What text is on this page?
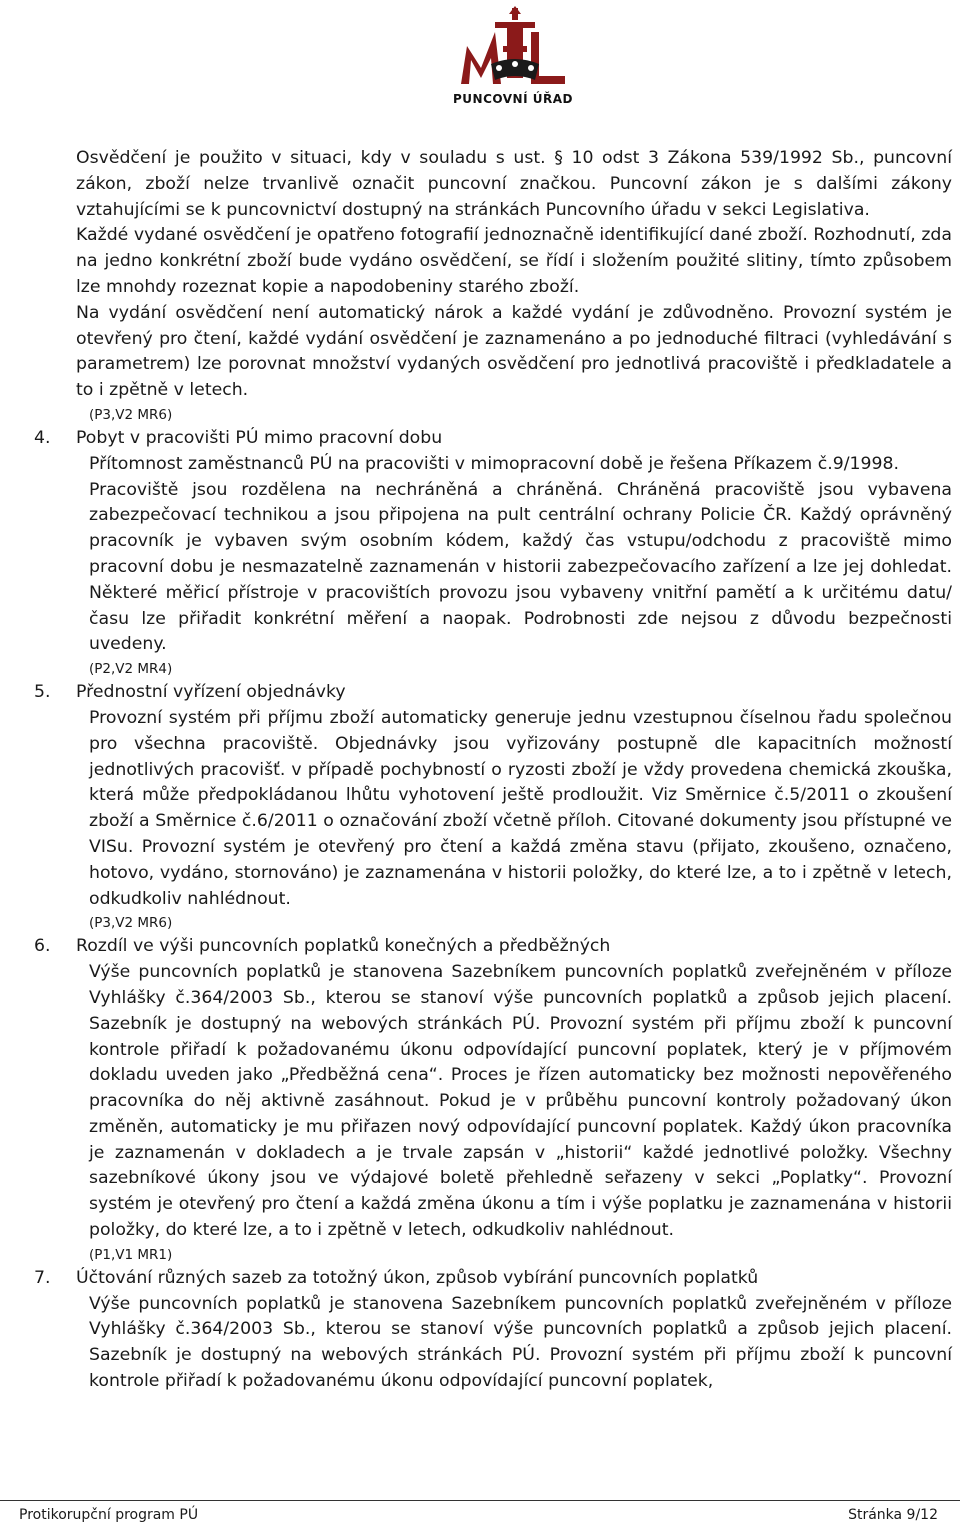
PUNCOVNÍ ÚŘAD

Osvědčení je použito v situaci, kdy v souladu s ust. § 10 odst 3 Zákona 539/1992 Sb., puncovní zákon, zboží nelze trvanlivě označit puncovní značkou. Puncovní zákon je s dalšími zákony vztahujícími se k puncovnictví dostupný na stránkách Puncovního úřadu v sekci Legislativa.

Každé vydané osvědčení je opatřeno fotografií jednoznačně identifikující dané zboží. Rozhodnutí, zda na jedno konkrétní zboží bude vydáno osvědčení, se řídí i složením použité slitiny, tímto způsobem lze mnohdy rozeznat kopie a napodobeniny starého zboží.

Na vydání osvědčení není automatický nárok a každé vydání je zdůvodněno. Provozní systém je otevřený pro čtení, každé vydání osvědčení je zaznamenáno a po jednoduché filtraci (vyhledávání s parametrem) lze porovnat množství vydaných osvědčení pro jednotlivá pracoviště i předkladatele a to i zpětně v letech.

(P3,V2 MR6)
4. Pobyt v pracovišti PÚ mimo pracovní dobu

Přítomnost zaměstnanců PÚ na pracovišti v mimopracovní době je řešena Příkazem č.9/1998.

Pracoviště jsou rozdělena na nechráněná a chráněná. Chráněná pracoviště jsou vybavena zabezpečovací technikou a jsou připojena na pult centrální ochrany Policie ČR. Každý oprávněný pracovník je vybaven svým osobním kódem, každý čas vstupu/odchodu z pracoviště mimo pracovní dobu je nesmazatelně zaznamenán v historii zabezpečovacího zařízení a lze jej dohledat. Některé měřicí přístroje v pracovištích provozu jsou vybaveny vnitřní pamětí a k určitému datu/ času lze přiřadit konkrétní měření a naopak. Podrobnosti zde nejsou z důvodu bezpečnosti uvedeny.

(P2,V2 MR4)
5. Přednostní vyřízení objednávky

Provozní systém při příjmu zboží automaticky generuje jednu vzestupnou číselnou řadu společnou pro všechna pracoviště. Objednávky jsou vyřizovány postupně dle kapacitních možností jednotlivých pracovišť. v případě pochybností o ryzosti zboží je vždy provedena chemická zkouška, která může předpokládanou lhůtu vyhotovení ještě prodloužit. Viz Směrnice č.5/2011 o zkoušení zboží a Směrnice č.6/2011 o označování zboží včetně příloh. Citované dokumenty jsou přístupné ve VISu. Provozní systém je otevřený pro čtení a každá změna stavu (přijato, zkoušeno, označeno, hotovo, vydáno, stornováno) je zaznamenána v historii položky, do které lze, a to i zpětně v letech, odkudkoliv nahlédnout.

(P3,V2 MR6)
6. Rozdíl ve výši puncovních poplatků konečných a předběžných

Výše puncovních poplatků je stanovena Sazebníkem puncovních poplatků zveřejněném v příloze Vyhlášky č.364/2003 Sb., kterou se stanoví výše puncovních poplatků a způsob jejich placení. Sazebník je dostupný na webových stránkách PÚ. Provozní systém při příjmu zboží k puncovní kontrole přiřadí k požadovanému úkonu odpovídající puncovní poplatek, který je v příjmovém dokladu uveden jako „Předběžná cena“. Proces je řízen automaticky bez možnosti nepověřeného pracovníka do něj aktivně zasáhnout. Pokud je v průběhu puncovní kontroly požadovaný úkon změněn, automaticky je mu přiřazen nový odpovídající puncovní poplatek. Každý úkon pracovníka je zaznamenán v dokladech a je trvale zapsán v „historii“ každé jednotlivé položky. Všechny sazebníkové úkony jsou ve výdajové boletě přehledně seřazeny v sekci „Poplatky“. Provozní systém je otevřený pro čtení a každá změna úkonu a tím i výše poplatku je zaznamenána v historii položky, do které lze, a to i zpětně v letech, odkudkoliv nahlédnout.

(P1,V1 MR1)
7. Účtování různých sazeb za totožný úkon, způsob vybírání puncovních poplatků

Výše puncovních poplatků je stanovena Sazebníkem puncovních poplatků zveřejněném v příloze Vyhlášky č.364/2003 Sb., kterou se stanoví výše puncovních poplatků a způsob jejich placení. Sazebník je dostupný na webových stránkách PÚ. Provozní systém při příjmu zboží k puncovní kontrole přiřadí k požadovanému úkonu odpovídající puncovní poplatek,

Protikorupční program PÚ	Stránka 9/12
